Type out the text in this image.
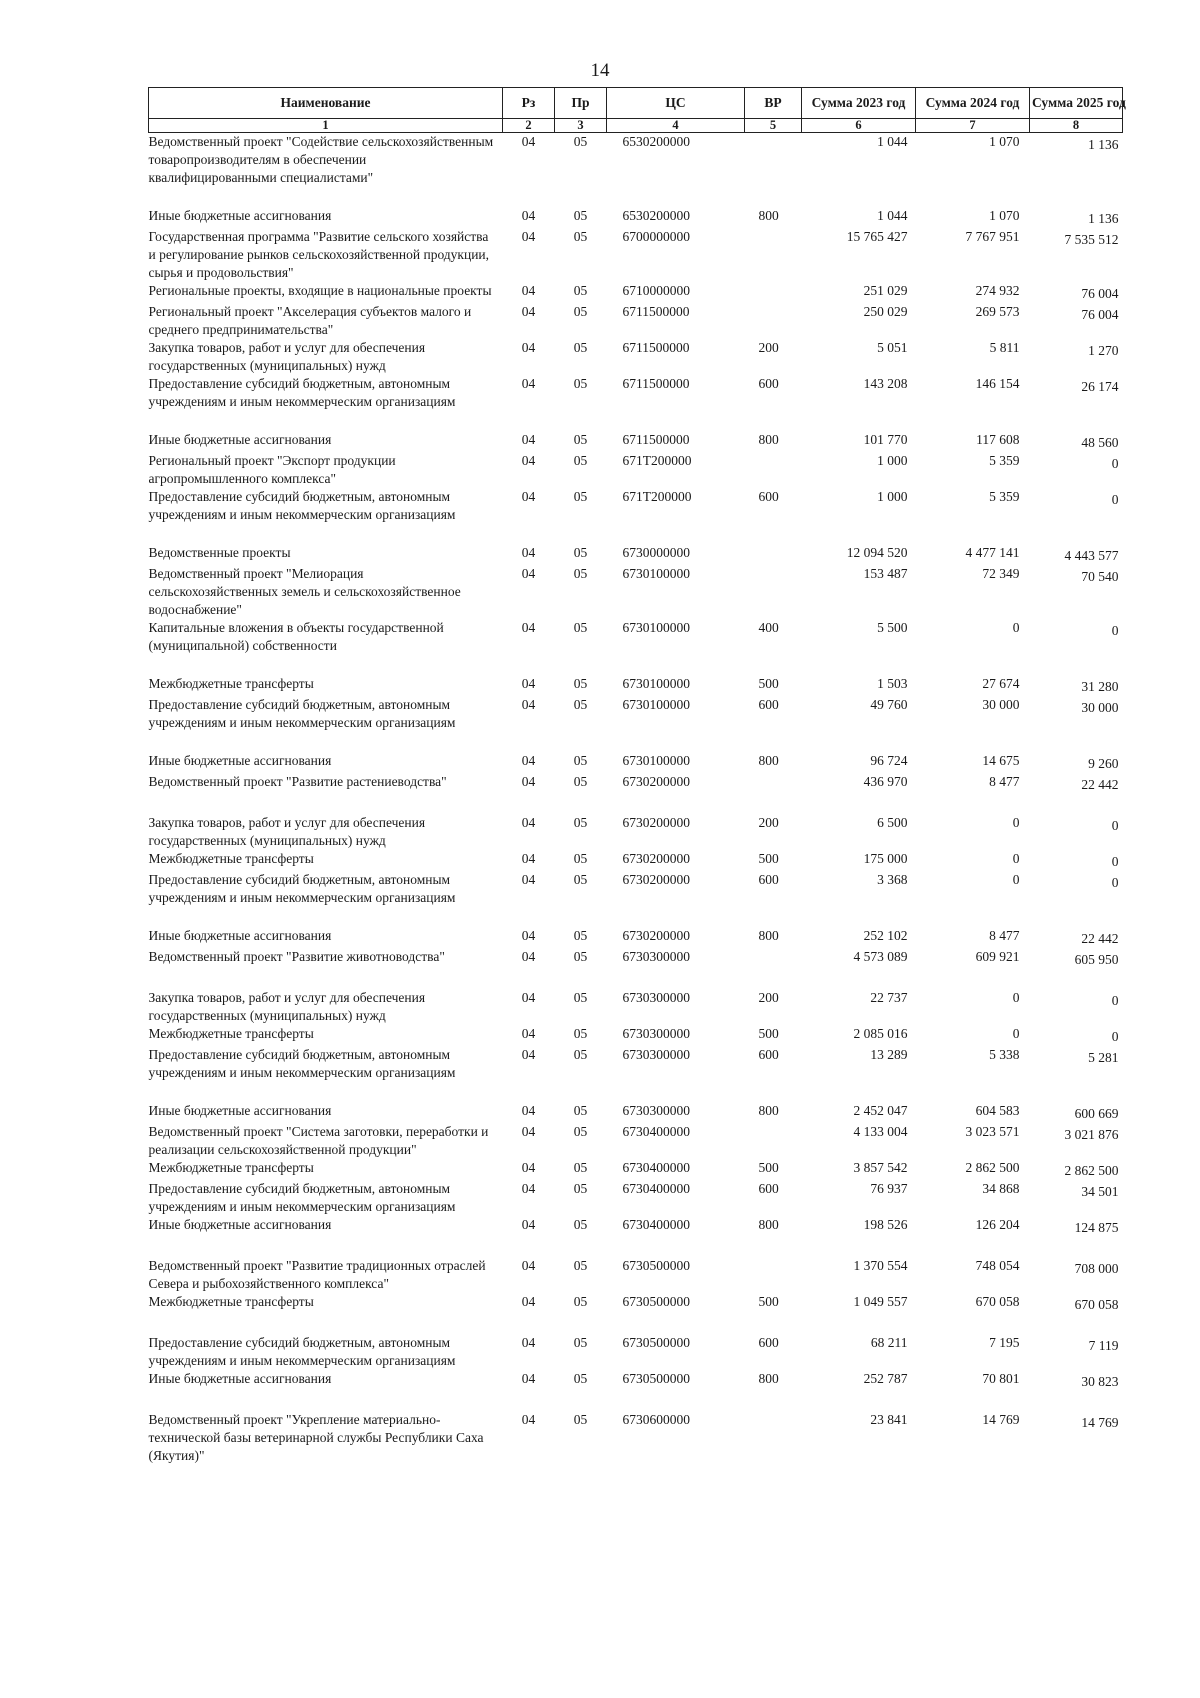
14
Наименование	Рз	Пр	ЦС	ВР	Сумма 2023 год	Сумма 2024 год	Сумма 2025 год
1	2	3	4	5	6	7	8
Ведомственный проект "Содействие сельскохозяйственным товаропроизводителям в обеспечении квалифицированными специалистами"	04	05	6530200000		1 044	1 070	1 136

Иные бюджетные ассигнования	04	05	6530200000	800	1 044	1 070	1 136
Государственная программа "Развитие сельского хозяйства и регулирование рынков сельскохозяйственной продукции, сырья и продовольствия"	04	05	6700000000		15 765 427	7 767 951	7 535 512
Региональные проекты, входящие в национальные проекты	04	05	6710000000		251 029	274 932	76 004
Региональный проект "Акселерация субъектов малого и среднего предпринимательства"	04	05	6711500000		250 029	269 573	76 004
Закупка товаров, работ и услуг для обеспечения государственных (муниципальных) нужд	04	05	6711500000	200	5 051	5 811	1 270
Предоставление субсидий бюджетным, автономным учреждениям и иным некоммерческим организациям	04	05	6711500000	600	143 208	146 154	26 174

Иные бюджетные ассигнования	04	05	6711500000	800	101 770	117 608	48 560
Региональный проект "Экспорт продукции агропромышленного комплекса"	04	05	671T200000		1 000	5 359	0
Предоставление субсидий бюджетным, автономным учреждениям и иным некоммерческим организациям	04	05	671T200000	600	1 000	5 359	0

Ведомственные проекты	04	05	6730000000		12 094 520	4 477 141	4 443 577
Ведомственный проект "Мелиорация сельскохозяйственных земель и сельскохозяйственное водоснабжение"	04	05	6730100000		153 487	72 349	70 540
Капитальные вложения в объекты государственной (муниципальной) собственности	04	05	6730100000	400	5 500	0	0

Межбюджетные трансферты	04	05	6730100000	500	1 503	27 674	31 280
Предоставление субсидий бюджетным, автономным учреждениям и иным некоммерческим организациям	04	05	6730100000	600	49 760	30 000	30 000

Иные бюджетные ассигнования	04	05	6730100000	800	96 724	14 675	9 260
Ведомственный проект "Развитие растениеводства"	04	05	6730200000		436 970	8 477	22 442

Закупка товаров, работ и услуг для обеспечения государственных (муниципальных) нужд	04	05	6730200000	200	6 500	0	0
Межбюджетные трансферты	04	05	6730200000	500	175 000	0	0
Предоставление субсидий бюджетным, автономным учреждениям и иным некоммерческим организациям	04	05	6730200000	600	3 368	0	0

Иные бюджетные ассигнования	04	05	6730200000	800	252 102	8 477	22 442
Ведомственный проект "Развитие животноводства"	04	05	6730300000		4 573 089	609 921	605 950

Закупка товаров, работ и услуг для обеспечения государственных (муниципальных) нужд	04	05	6730300000	200	22 737	0	0
Межбюджетные трансферты	04	05	6730300000	500	2 085 016	0	0
Предоставление субсидий бюджетным, автономным учреждениям и иным некоммерческим организациям	04	05	6730300000	600	13 289	5 338	5 281

Иные бюджетные ассигнования	04	05	6730300000	800	2 452 047	604 583	600 669
Ведомственный проект "Система заготовки, переработки и реализации сельскохозяйственной продукции"	04	05	6730400000		4 133 004	3 023 571	3 021 876
Межбюджетные трансферты	04	05	6730400000	500	3 857 542	2 862 500	2 862 500
Предоставление субсидий бюджетным, автономным учреждениям и иным некоммерческим организациям	04	05	6730400000	600	76 937	34 868	34 501
Иные бюджетные ассигнования	04	05	6730400000	800	198 526	126 204	124 875

Ведомственный проект "Развитие традиционных отраслей Севера и рыбохозяйственного комплекса"	04	05	6730500000		1 370 554	748 054	708 000
Межбюджетные трансферты	04	05	6730500000	500	1 049 557	670 058	670 058

Предоставление субсидий бюджетным, автономным учреждениям и иным некоммерческим организациям	04	05	6730500000	600	68 211	7 195	7 119
Иные бюджетные ассигнования	04	05	6730500000	800	252 787	70 801	30 823

Ведомственный проект "Укрепление материально-технической базы ветеринарной службы Республики Саха (Якутия)"	04	05	6730600000		23 841	14 769	14 769
